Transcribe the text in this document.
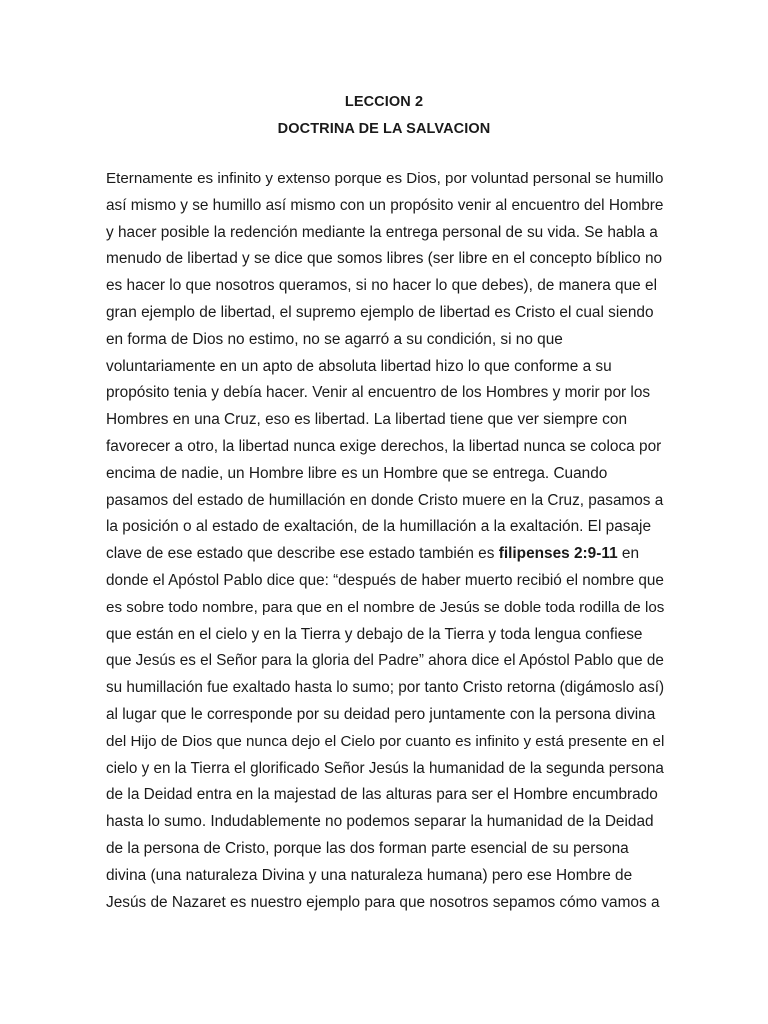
LECCION 2
DOCTRINA DE LA SALVACION
Eternamente es infinito y extenso porque es Dios, por voluntad personal se humillo
así mismo y se humillo así mismo con un propósito venir al encuentro del Hombre
y hacer posible la redención mediante la entrega personal de su vida. Se habla a
menudo de libertad y se dice que somos libres (ser libre en el concepto bíblico no
es hacer lo que nosotros queramos, si no hacer lo que debes), de manera que el
gran ejemplo de libertad, el supremo ejemplo de libertad es Cristo el cual siendo
en forma de Dios no estimo, no se agarró a su condición, si no que
voluntariamente en un apto de absoluta libertad hizo lo que conforme a su
propósito tenia y debía hacer. Venir al encuentro de los Hombres y morir por los
Hombres en una Cruz, eso es libertad. La libertad tiene que ver siempre con
favorecer a otro, la libertad nunca exige derechos, la libertad nunca se coloca por
encima de nadie, un Hombre libre es un Hombre que se entrega. Cuando
pasamos del estado de humillación en donde Cristo muere en la Cruz, pasamos a
la posición o al estado de exaltación, de la humillación a la exaltación. El pasaje
clave de ese estado que describe ese estado también es filipenses 2:9-11 en
donde el Apóstol Pablo dice que: “después de haber muerto recibió el nombre que
es sobre todo nombre, para que en el nombre de Jesús se doble toda rodilla de los
que están en el cielo y en la Tierra y debajo de la Tierra y toda lengua confiese
que Jesús es el Señor para la gloria del Padre” ahora dice el Apóstol Pablo que de
su humillación fue exaltado hasta lo sumo; por tanto Cristo retorna (digámoslo así)
al lugar que le corresponde por su deidad pero juntamente con la persona divina
del Hijo de Dios que nunca dejo el Cielo por cuanto es infinito y está presente en el
cielo y en la Tierra el glorificado Señor Jesús la humanidad de la segunda persona
de la Deidad entra en la majestad de las alturas para ser el Hombre encumbrado
hasta lo sumo. Indudablemente no podemos separar la humanidad de la Deidad
de la persona de Cristo, porque las dos forman parte esencial de su persona
divina (una naturaleza Divina y una naturaleza humana) pero ese Hombre de
Jesús de Nazaret es nuestro ejemplo para que nosotros sepamos cómo vamos a
